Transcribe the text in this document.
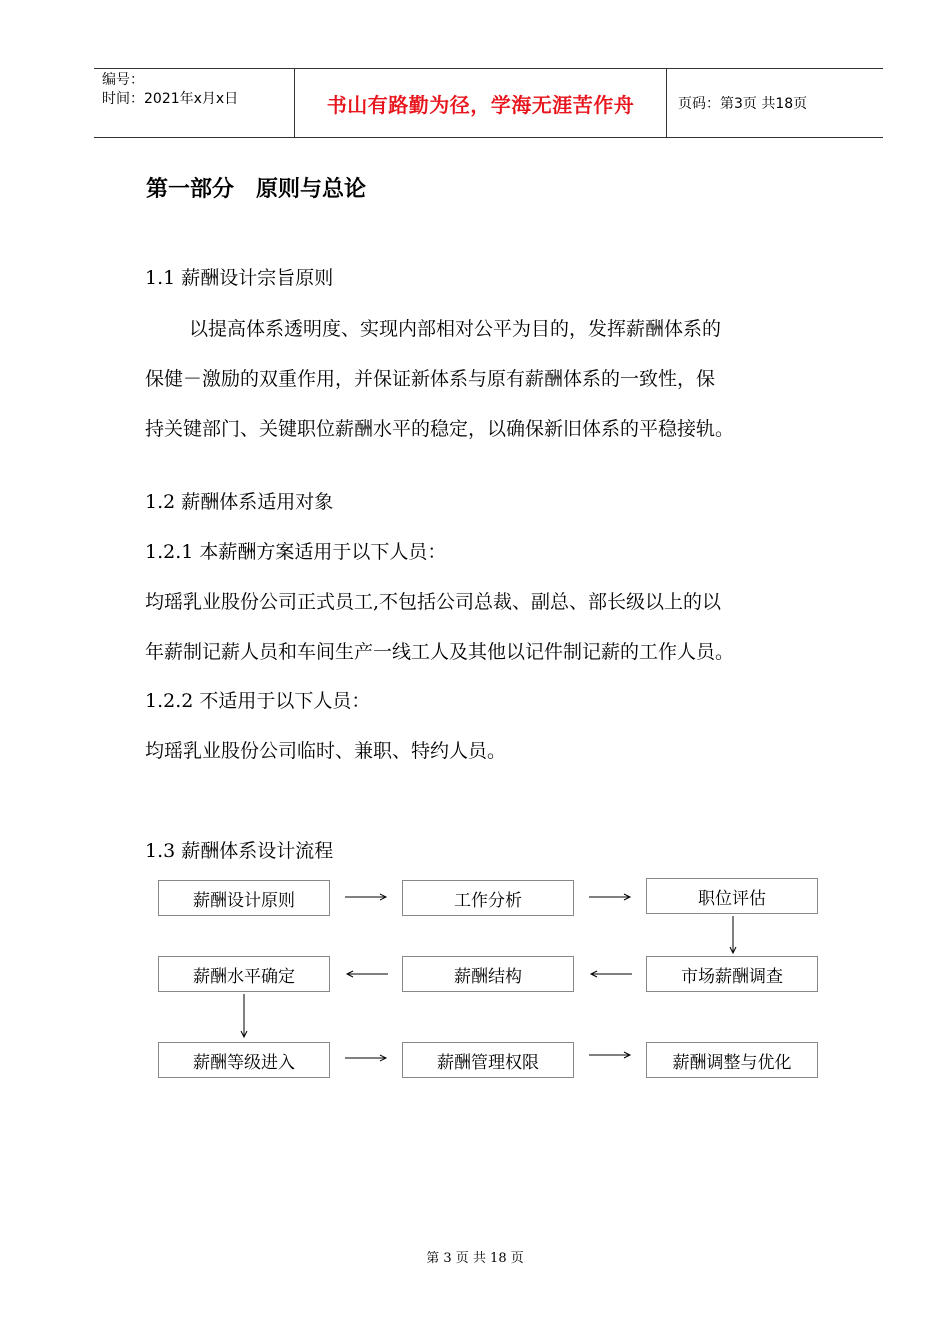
编号：
时间：2021年x月x日	书山有路勤为径，学海无涯苦作舟	页码：第3页 共18页
第一部分　原则与总论
1.1 薪酬设计宗旨原则
以提高体系透明度、实现内部相对公平为目的，发挥薪酬体系的
保健－激励的双重作用，并保证新体系与原有薪酬体系的一致性，保
持关键部门、关键职位薪酬水平的稳定，以确保新旧体系的平稳接轨。
1.2 薪酬体系适用对象
1.2.1 本薪酬方案适用于以下人员：
均瑶乳业股份公司正式员工,不包括公司总裁、副总、部长级以上的以
年薪制记薪人员和车间生产一线工人及其他以记件制记薪的工作人员。
1.2.2 不适用于以下人员：
均瑶乳业股份公司临时、兼职、特约人员。
1.3 薪酬体系设计流程
薪酬设计原则	工作分析	职位评估
薪酬水平确定	薪酬结构	市场薪酬调查
薪酬等级进入	薪酬管理权限	薪酬调整与优化
第 3 页 共 18 页
